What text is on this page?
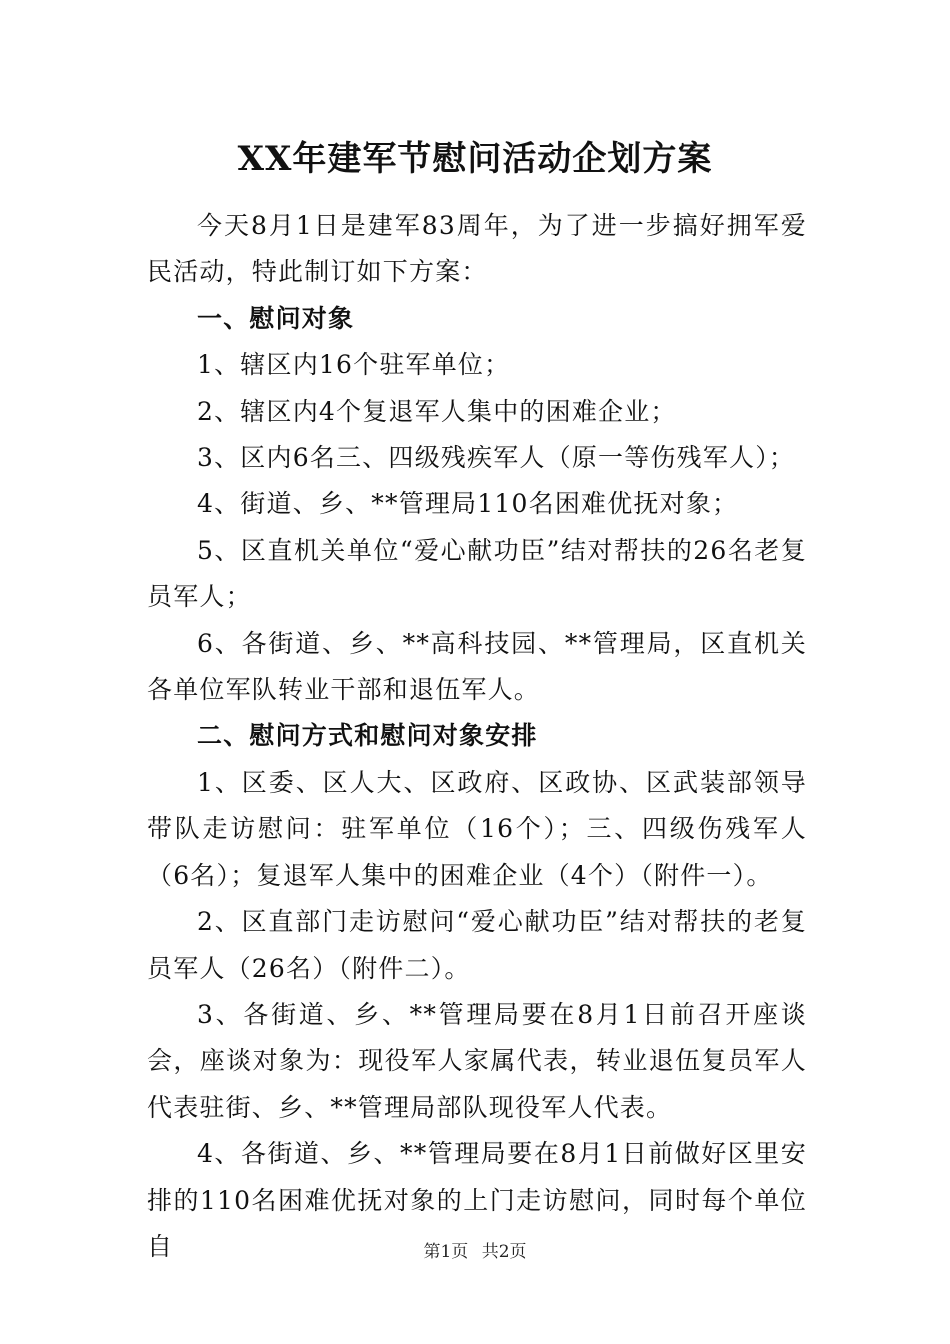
XX年建军节慰问活动企划方案

今天8月1日是建军83周年，为了进一步搞好拥军爱民活动，特此制订如下方案：

一、慰问对象

1、辖区内16个驻军单位；

2、辖区内4个复退军人集中的困难企业；

3、区内6名三、四级残疾军人（原一等伤残军人）；

4、街道、乡、**管理局110名困难优抚对象；

5、区直机关单位“爱心献功臣”结对帮扶的26名老复员军人；

6、各街道、乡、**高科技园、**管理局，区直机关各单位军队转业干部和退伍军人。

二、慰问方式和慰问对象安排

1、区委、区人大、区政府、区政协、区武装部领导带队走访慰问：驻军单位（16个）；三、四级伤残军人（6名）；复退军人集中的困难企业（4个）（附件一）。

2、区直部门走访慰问“爱心献功臣”结对帮扶的老复员军人（26名）（附件二）。

3、各街道、乡、**管理局要在8月1日前召开座谈会，座谈对象为：现役军人家属代表，转业退伍复员军人代表驻街、乡、**管理局部队现役军人代表。

4、各街道、乡、**管理局要在8月1日前做好区里安排的110名困难优抚对象的上门走访慰问，同时每个单位自	第1页 共2页
